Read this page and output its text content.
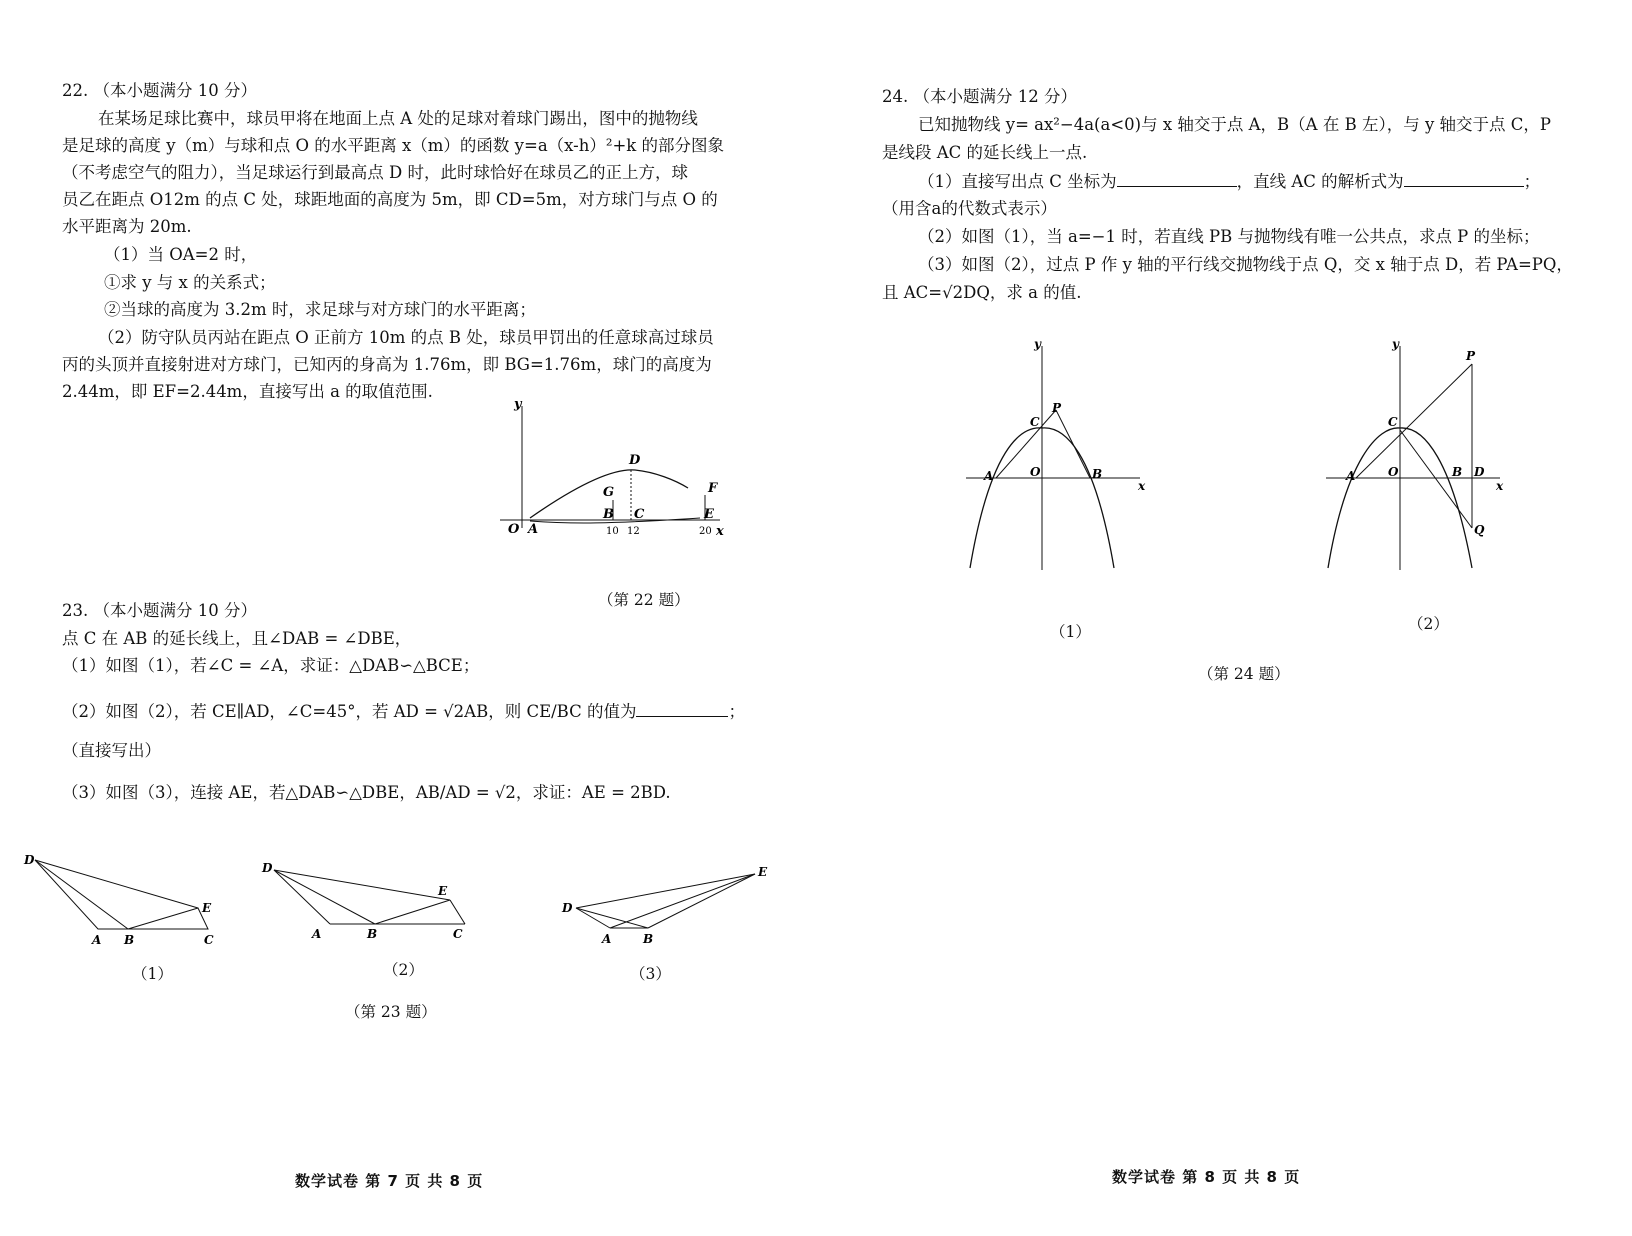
22. （本小题满分 10 分）
在某场足球比赛中，球员甲将在地面上点 A 处的足球对着球门踢出，图中的抛物线
是足球的高度 y（m）与球和点 O 的水平距离 x（m）的函数 y=a（x-h）²+k 的部分图象
（不考虑空气的阻力），当足球运行到最高点 D 时，此时球恰好在球员乙的正上方，球
员乙在距点 O12m 的点 C 处，球距地面的高度为 5m，即 CD=5m，对方球门与点 O 的
水平距离为 20m.
（1）当 OA=2 时，
①求 y 与 x 的关系式；
②当球的高度为 3.2m 时，求足球与对方球门的水平距离；
（2）防守队员丙站在距点 O 正前方 10m 的点 B 处，球员甲罚出的任意球高过球员
丙的头顶并直接射进对方球门，已知丙的身高为 1.76m，即 BG=1.76m，球门的高度为
2.44m，即 EF=2.44m，直接写出 a 的取值范围.
y
O A
D
G
B C
F
E
x
10 12	20
（第 22 题）
23. （本小题满分 10 分）
点 C 在 AB 的延长线上，且∠DAB = ∠DBE，
（1）如图（1），若∠C = ∠A，求证：△DAB∽△BCE；
（2）如图（2），若 CE∥AD，∠C=45°，若 AD = √2AB，则 CE/BC 的值为	；
（直接写出）
（3）如图（3），连接 AE，若△DAB∽△DBE，AB/AD = √2，求证：AE = 2BD.
D
A B	C
E
（1）
D
A	B	C
E
（2）
D
A	B
E
（3）
（第 23 题）
数学试卷 第 7 页 共 8 页
24. （本小题满分 12 分）
已知抛物线 y= ax²−4a(a<0)与 x 轴交于点 A，B（A 在 B 左），与 y 轴交于点 C，P
是线段 AC 的延长线上一点.
（1）直接写出点 C 坐标为	，直线 AC 的解析式为	；
（用含a的代数式表示）
（2）如图（1），当 a=−1 时，若直线 PB 与抛物线有唯一公共点，求点 P 的坐标；
（3）如图（2），过点 P 作 y 轴的平行线交抛物线于点 Q，交 x 轴于点 D，若 PA=PQ，
且 AC=√2DQ，求 a 的值.
y
x
O
A	B
C
P
（1）
y
x
O
A	B D
C
P
Q
（2）
（第 24 题）
数学试卷 第 8 页 共 8 页
